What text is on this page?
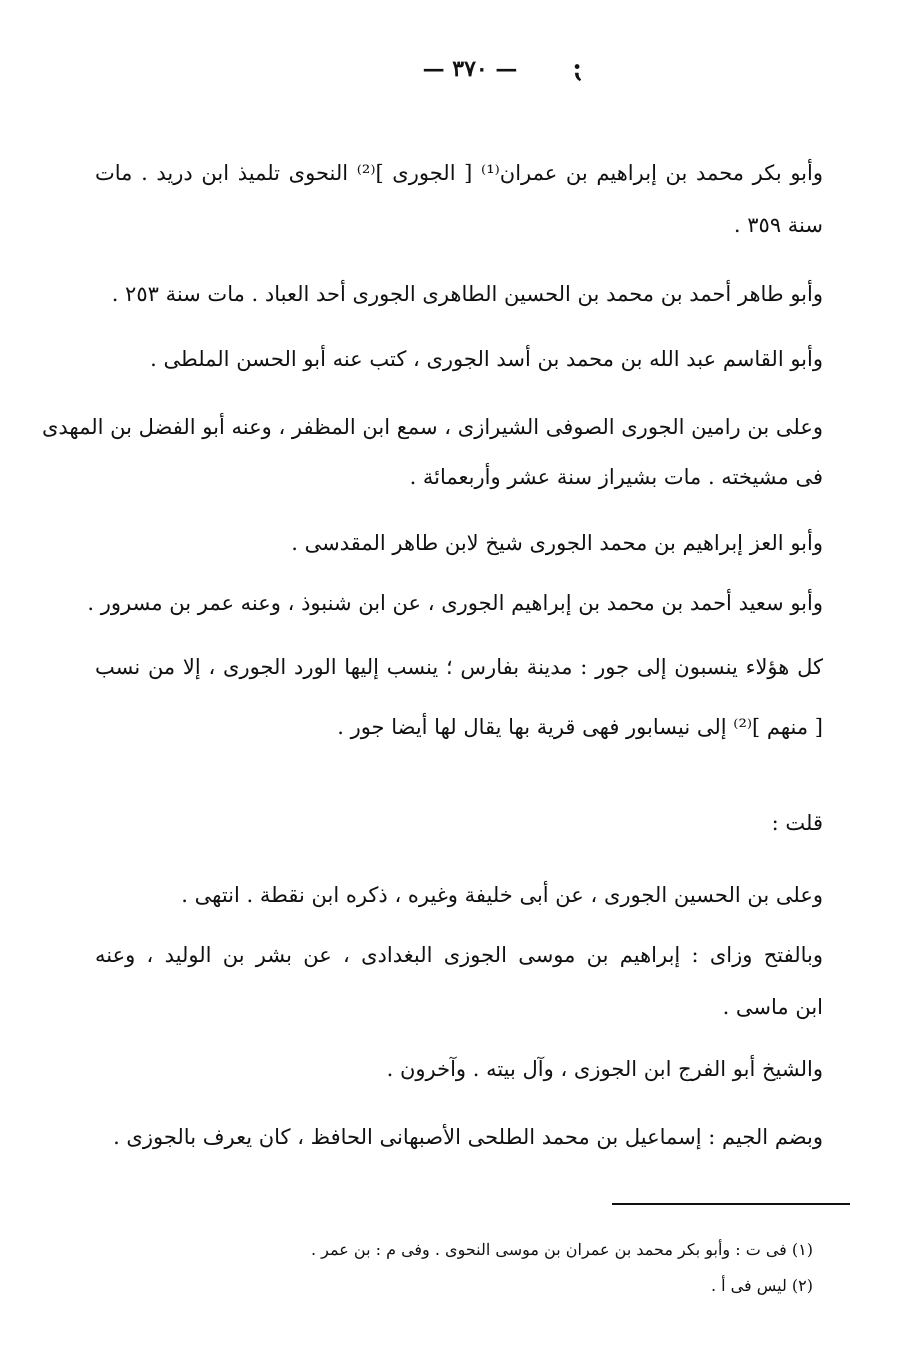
— ٣٧٠ —	⁏
وأبو بكر محمد بن إبراهيم بن عمران⁽¹⁾ [ الجورى ]⁽²⁾ النحوى تلميذ ابن دريد . مات
سنة ٣٥٩ .
وأبو طاهر أحمد بن محمد بن الحسين الطاهرى الجورى أحد العباد . مات سنة ٢٥٣ .
وأبو القاسم عبد الله بن محمد بن أسد الجورى ، كتب عنه أبو الحسن الملطى .
وعلى بن رامين الجورى الصوفى الشيرازى ، سمع ابن المظفر ، وعنه أبو الفضل بن المهدى
فى مشيخته . مات بشيراز سنة عشر وأربعمائة .
وأبو العز إبراهيم بن محمد الجورى شيخ لابن طاهر المقدسى .
وأبو سعيد أحمد بن محمد بن إبراهيم الجورى ، عن ابن شنبوذ ، وعنه عمر بن مسرور .
كل هؤلاء ينسبون إلى جور : مدينة بفارس ؛ ينسب إليها الورد الجورى ، إلا من نسب
[ منهم ]⁽²⁾ إلى نيسابور فهى قرية بها يقال لها أيضا جور .
قلت :
وعلى بن الحسين الجورى ، عن أبى خليفة وغيره ، ذكره ابن نقطة . انتهى .
وبالفتح وزاى : إبراهيم بن موسى الجوزى البغدادى ، عن بشر بن الوليد ، وعنه
ابن ماسى .
والشيخ أبو الفرج ابن الجوزى ، وآل بيته . وآخرون .
وبضم الجيم : إسماعيل بن محمد الطلحى الأصبهانى الحافظ ، كان يعرف بالجوزى .
(١) فى ت : وأبو بكر محمد بن عمران بن موسى النحوى . وفى م : بن عمر .
(٢) ليس فى أ .
